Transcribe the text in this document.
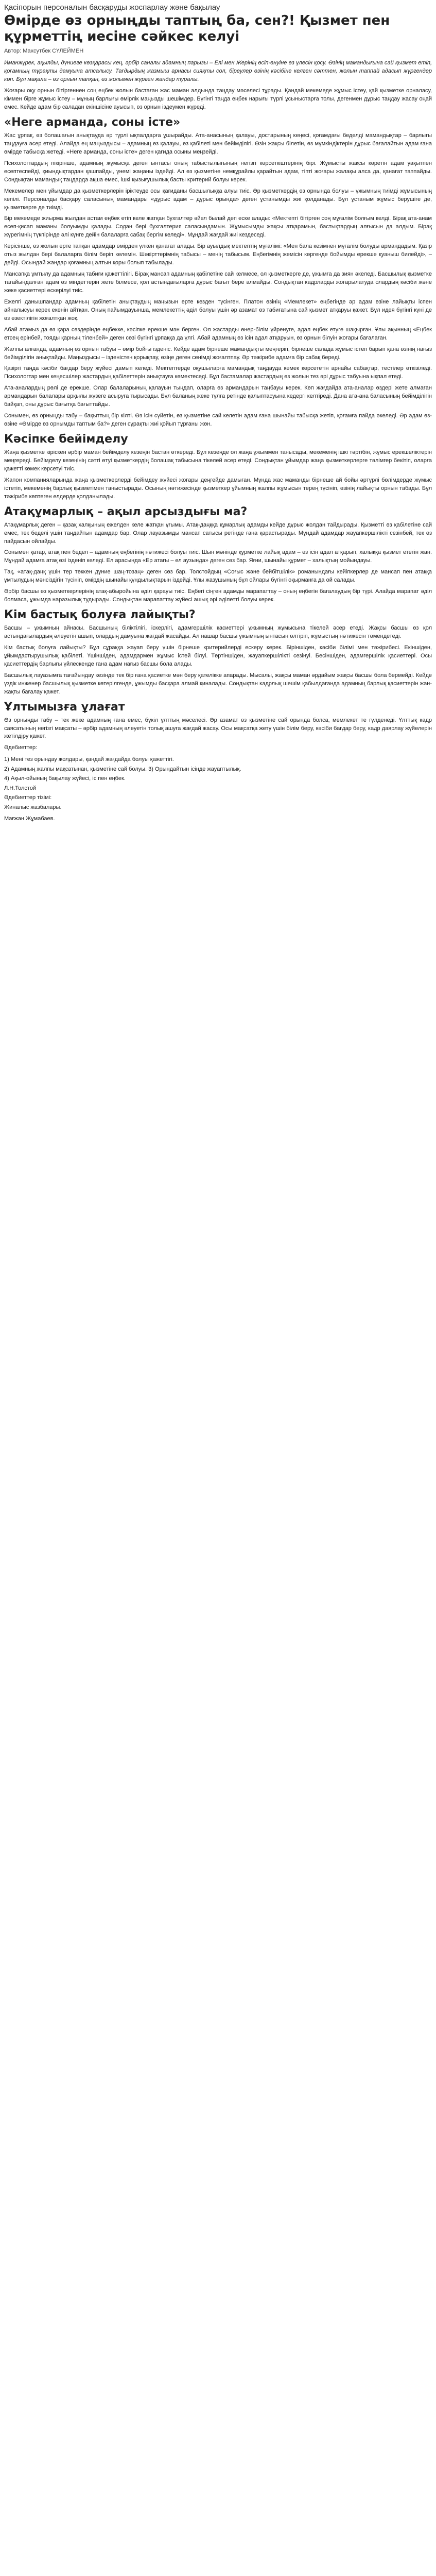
Қасіпорын персоналын басқаруды жоспарлау және бақылау
Өмірде өз орныңды таптың ба, сен?! Қызмет пен құрметтің иесіне сәйкес келуі
Автор: Махсутбек СҮЛЕЙМЕН

Иманжүрек, ақылды, дүниеге көзқараcы кең, әрбір саналы адамның парызы – Елі мен Жерінің өсіп-өнуіне өз үлесін қосу. Өзінің мамандығына сай қызмет етіп, қоғамның тұрақты дамуына атсалысу. Тағдырдың жазмыш арнасы сияқты сол, біреулер өзінің кәсібіне келген сәттен, жолын таппай адасып жүргендер көп. Бұл мақала – өз орнын тапқан, өз жолымен жүрген жандар туралы.

Жоғары оқу орнын бітіргеннен соң еңбек жолын бастаған жас маман алдында таңдау мәселесі тұрады. Қандай мекемеде жұмыс істеу, қай қызметке орналасу, кіммен бірге жұмыс істеу – мұның барлығы өмірлік маңызды шешімдер. Бүгінгі таңда еңбек нарығы түрлі ұсыныстарға толы, дегенмен дұрыс таңдау жасау оңай емес. Кейде адам бір саладан екіншісіне ауысып, өз орнын іздеумен жүреді.

«Неге арманда, соны істе»

Жас ұрпақ, өз болашағын анықтауда әр түрлі ықпалдарға ұшырайды. Ата-анасының қалауы, достарының кеңесі, қоғамдағы беделді мамандықтар – барлығы таңдауға әсер етеді. Алайда ең маңыздысы – адамның өз қалауы, өз қабілеті мен бейімділігі. Өзін жақсы білетін, өз мүмкіндіктерін дұрыс бағалайтын адам ғана өмірде табысқа жетеді. «Неге арманда, соны істе» деген қағида осыны меңзейді.

Психологтардың пікірінше, адамның жұмысқа деген ынтасы оның табыстылығының негізгі көрсеткіштерінің бірі. Жұмысты жақсы көретін адам уақытпен есептеспейді, қиындықтардан қашпайды, үнемі жаңаны іздейді. Ал өз қызметіне немқұрайлы қарайтын адам, тіпті жоғары жалақы алса да, қанағат таппайды. Сондықтан мамандық таңдарда ақша емес, ішкі қызығушылық басты критерий болуы керек.

Мекемелер мен ұйымдар да қызметкерлерін іріктеуде осы қағиданы басшылыққа алуы тиіс. Әр қызметкердің өз орнында болуы – ұжымның тиімді жұмысының кепілі. Персоналды басқару саласының мамандары «дұрыс адам – дұрыс орында» деген ұстанымды жиі қолданады. Бұл ұстаным жұмыс берушіге де, қызметкерге де тиімді.

Бір мекемеде жиырма жылдан астам еңбек етіп келе жатқан бухгалтер әйел былай деп еске алады: «Мектепті бітірген соң мұғалім болғым келді. Бірақ ата-анам есеп-қисап маманы болуымды қалады. Содан бері бухгалтерия саласындамын. Жұмысымды жақсы атқарамын, бастықтардың алғысын да алдым. Бірақ жүрегімнің түкпірінде әлі күнге дейін балаларға сабақ бергім келеді». Мұндай жағдай жиі кездеседі.

Керісінше, өз жолын ерте тапқан адамдар өмірден үлкен қанағат алады. Бір ауылдық мектептің мұғалімі: «Мен бала кезімнен мұғалім болуды армандадым. Қазір отыз жылдан бері балаларға білім беріп келемін. Шәкірттерімнің табысы – менің табысым. Еңбегімнің жемісін көргенде бойымды ерекше қуаныш билейді», – дейді. Осындай жандар қоғамның алтын қоры болып табылады.

Мансапқа ұмтылу да адамның табиғи қажеттілігі. Бірақ мансап адамның қабілетіне сай келмесе, ол қызметкерге де, ұжымға да зиян әкеледі. Басшылық қызметке тағайындалған адам өз міндеттерін жете білмесе, қол астындағыларға дұрыс бағыт бере алмайды. Сондықтан кадрларды жоғарылатуда олардың кәсіби және жеке қасиеттері ескерілуі тиіс.

Ежелгі данышпандар адамның қабілетін анықтаудың маңызын ерте кезден түсінген. Платон өзінің «Мемлекет» еңбегінде әр адам өзіне лайықты іспен айналысуы керек екенін айтқан. Оның пайымдауынша, мемлекеттің әділ болуы үшін әр азамат өз табиғатына сай қызмет атқаруы қажет. Бұл идея бүгінгі күні де өз өзектілігін жоғалтқан жоқ.

Абай атамыз да өз қара сөздерінде еңбекке, кәсіпке ерекше мән берген. Ол жастарды өнер-білім үйренуге, адал еңбек етуге шақырған. Ұлы ақынның «Еңбек етсең ерінбей, тояды қарның тіленбей» деген сөзі бүгінгі ұрпаққа да үлгі. Абай адамның өз ісін адал атқаруын, өз орнын білуін жоғары бағалаған.

Жалпы алғанда, адамның өз орнын табуы – өмір бойғы ізденіс. Кейде адам бірнеше мамандықты меңгеріп, бірнеше салада жұмыс істеп барып қана өзінің нағыз бейімділігін анықтайды. Маңыздысы – ізденістен қорықпау, өзіңе деген сенімді жоғалтпау. Әр тәжірибе адамға бір сабақ береді.

Қазіргі таңда кәсіби бағдар беру жүйесі дамып келеді. Мектептерде оқушыларға мамандық таңдауда көмек көрсететін арнайы сабақтар, тестілер өткізіледі. Психологтар мен кеңесшілер жастардың қабілеттерін анықтауға көмектеседі. Бұл бастамалар жастардың өз жолын тез әрі дұрыс табуына ықпал етеді.

Ата-аналардың рөлі де ерекше. Олар балаларының қалауын тыңдап, оларға өз армандарын таңбауы керек. Көп жағдайда ата-аналар өздері жете алмаған армандарын балалары арқылы жүзеге асыруға тырысады. Бұл баланың жеке тұлға ретінде қалыптасуына кедергі келтіреді. Дана ата-ана баласының бейімділігін байқап, оны дұрыс бағытқа бағыттайды.

Сонымен, өз орныңды табу – бақыттың бір кілті. Өз ісін сүйетін, өз қызметіне сай келетін адам ғана шынайы табысқа жетіп, қоғамға пайда әкеледі. Әр адам өз-өзіне «Өмірде өз орнымды таптым ба?» деген сұрақты жиі қойып тұрғаны жөн.

Кәсіпке бейімделу

Жаңа қызметке кіріскен әрбір маман бейімделу кезеңін бастан өткереді. Бұл кезеңде ол жаңа ұжыммен танысады, мекеменің ішкі тәртібін, жұмыс ерекшеліктерін меңгереді. Бейімделу кезеңінің сәтті өтуі қызметкердің болашақ табысына тікелей әсер етеді. Сондықтан ұйымдар жаңа қызметкерлерге тәлімгер бекітіп, оларға қажетті көмек көрсетуі тиіс.

Жапон компанияларында жаңа қызметкерлерді бейімдеу жүйесі жоғары деңгейде дамыған. Мұнда жас маманды бірнеше ай бойы әртүрлі бөлімдерде жұмыс істетіп, мекеменің барлық қызметімен таныстырады. Осының нәтижесінде қызметкер ұйымның жалпы жұмысын терең түсініп, өзінің лайықты орнын табады. Бұл тәжірибе көптеген елдерде қолданылады.

Атақұмарлық – ақыл арсыздығы ма?

Атақұмарлық деген – қазақ халқының ежелден келе жатқан ұғымы. Атақ-даңққа құмарлық адамды кейде дұрыс жолдан тайдырады. Қызметті өз қабілетіне сай емес, тек беделі үшін таңдайтын адамдар бар. Олар лауазымды мансап сатысы ретінде ғана қарастырады. Мұндай адамдар жауапкершілікті сезінбей, тек өз пайдасын ойлайды.

Сонымен қатар, атақ пен бедел – адамның еңбегінің нәтижесі болуы тиіс. Шын мәнінде құрметке лайық адам – өз ісін адал атқарып, халыққа қызмет ететін жан. Мұндай адамға атақ өзі ізденіп келеді. Ел арасында «Ер атағы – ел аузында» деген сөз бар. Яғни, шынайы құрмет – халықтың мойындауы.

Тақ, «атақ-даңқ үшін тер төккен дүние шаң-тозаң» деген сөз бар. Толстойдың «Соғыс және бейбітшілік» романындағы кейіпкерлер де мансап пен атаққа ұмтылудың мәнсіздігін түсініп, өмірдің шынайы құндылықтарын іздейді. Ұлы жазушының бұл ойлары бүгінгі оқырманға да ой салады.

Әрбір басшы өз қызметкерлерінің атақ-абыройына әділ қарауы тиіс. Еңбегі сіңген адамды марапаттау – оның еңбегін бағалаудың бір түрі. Алайда марапат әділ болмаса, ұжымда наразылық тудырады. Сондықтан марапаттау жүйесі ашық әрі әділетті болуы керек.

Кім бастық болуға лайықты?

Басшы – ұжымның айнасы. Басшының біліктілігі, іскерлігі, адамгершілік қасиеттері ұжымның жұмысына тікелей әсер етеді. Жақсы басшы өз қол астындағылардың әлеуетін ашып, олардың дамуына жағдай жасайды. Ал нашар басшы ұжымның ынтасын өлтіріп, жұмыстың нәтижесін төмендетеді.

Кім бастық болуға лайықты? Бұл сұраққа жауап беру үшін бірнеше критерийлерді ескеру керек. Біріншіден, кәсіби білімі мен тәжірибесі. Екіншіден, ұйымдастырушылық қабілеті. Үшіншіден, адамдармен жұмыс істей білуі. Төртіншіден, жауапкершілікті сезінуі. Бесіншіден, адамгершілік қасиеттері. Осы қасиеттердің барлығы үйлескенде ғана адам нағыз басшы бола алады.

Басшылық лауазымға тағайындау кезінде тек бір ғана қасиетке мән беру қателікке апарады. Мысалы, жақсы маман әрдайым жақсы басшы бола бермейді. Кейде үздік инженер басшылық қызметке көтерілгенде, ұжымды басқара алмай қиналады. Сондықтан кадрлық шешім қабылдағанда адамның барлық қасиеттерін жан-жақты бағалау қажет.

Ұлтымызға ұлағат

Өз орныңды табу – тек жеке адамның ғана емес, бүкіл ұлттың мәселесі. Әр азамат өз қызметіне сай орында болса, мемлекет те гүлденеді. Ұлттық кадр саясатының негізгі мақсаты – әрбір адамның әлеуетін толық ашуға жағдай жасау. Осы мақсатқа жету үшін білім беру, кәсіби бағдар беру, кадр даярлау жүйелерін жетілдіру қажет.

Әдебиеттер:

1) Мені тез орындау жолдары, қандай жағдайда болуы қажеттігі.

2) Адамның жалпы мақсатынан, қызметіне сай болуы. 3) Орындайтын ісінде жауаптылық.

4) Ақыл-ойының бақылау жүйесі, іс пен еңбек.

Л.Н.Толстой

Әдебиеттер тізімі:

Жиналыс жазбалары.

Мағжан Жұмабаев.
